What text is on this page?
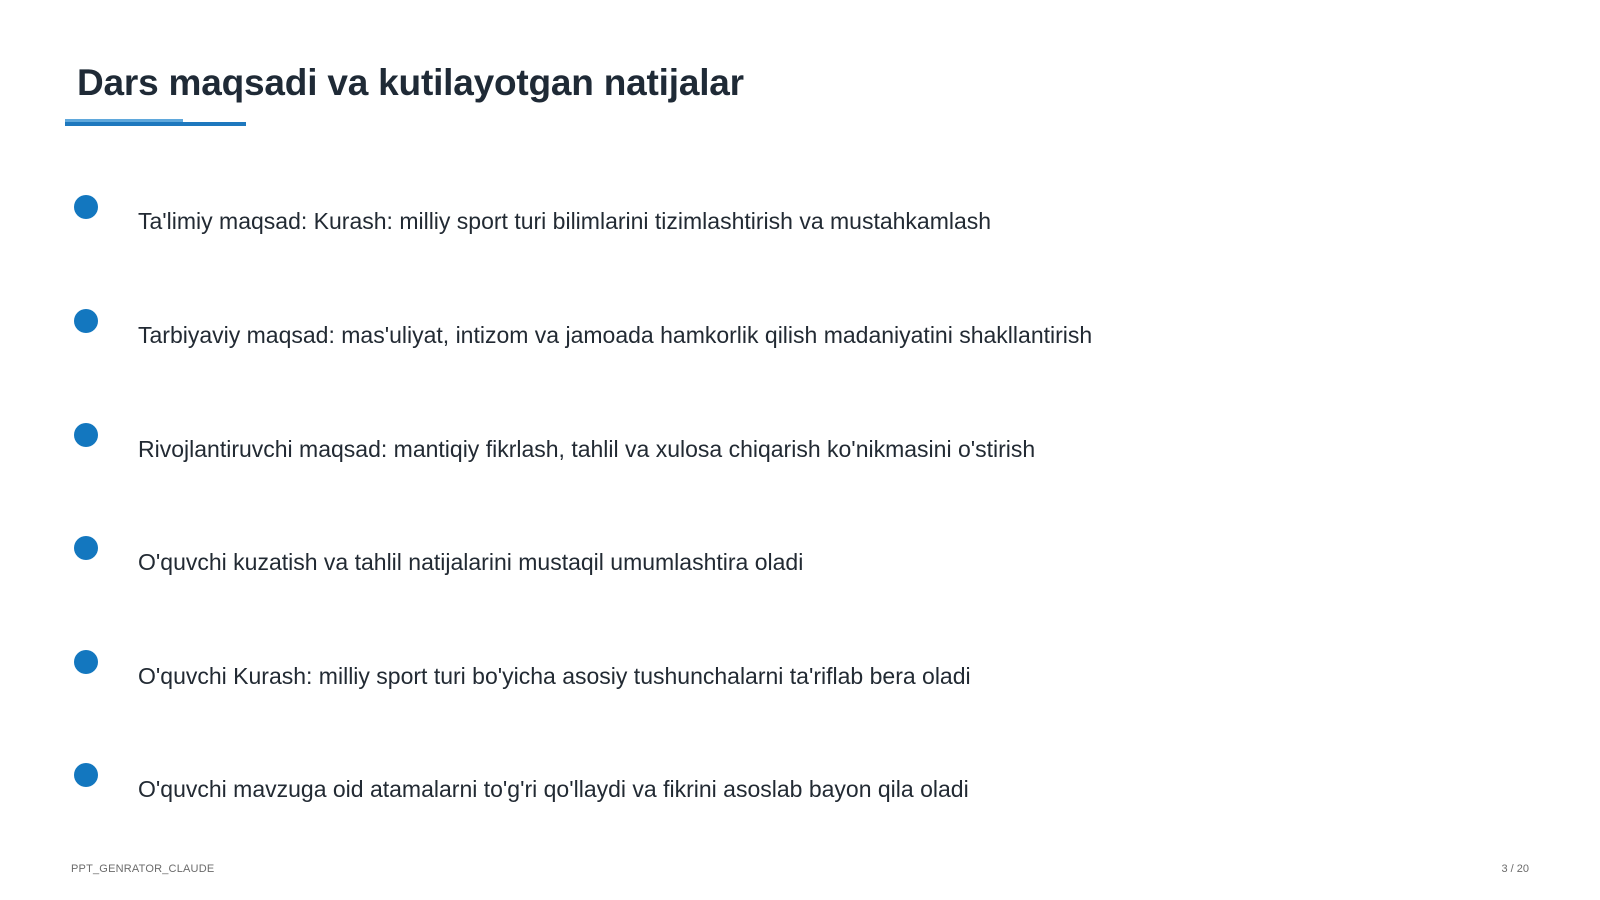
Dars maqsadi va kutilayotgan natijalar
Ta'limiy maqsad: Kurash: milliy sport turi bilimlarini tizimlashtirish va mustahkamlash
Tarbiyaviy maqsad: mas'uliyat, intizom va jamoada hamkorlik qilish madaniyatini shakllantirish
Rivojlantiruvchi maqsad: mantiqiy fikrlash, tahlil va xulosa chiqarish ko'nikmasini o'stirish
O'quvchi kuzatish va tahlil natijalarini mustaqil umumlashtira oladi
O'quvchi Kurash: milliy sport turi bo'yicha asosiy tushunchalarni ta'riflab bera oladi
O'quvchi mavzuga oid atamalarni to'g'ri qo'llaydi va fikrini asoslab bayon qila oladi
PPT_GENRATOR_CLAUDE	3 / 20
